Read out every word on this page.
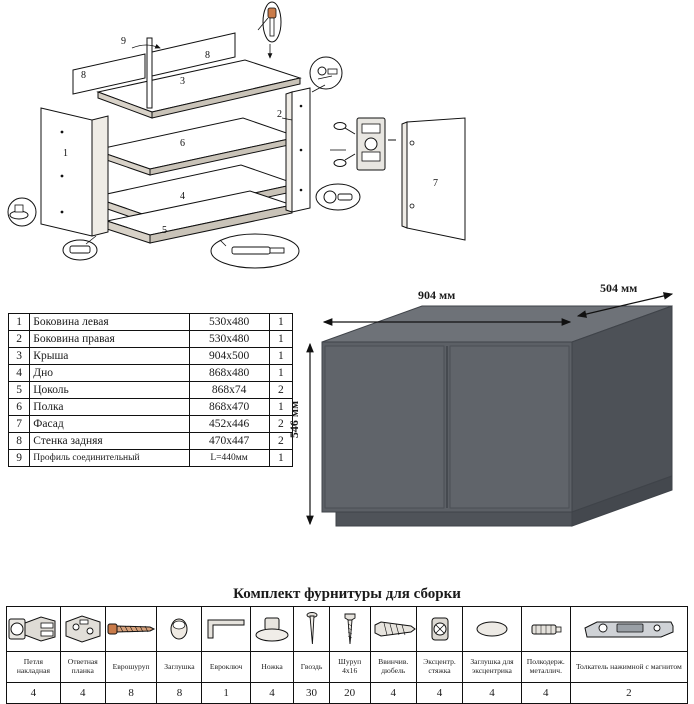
9
8
8
3
2
1
6
4
5
7
1	Боковина левая	530х480	1
2	Боковина правая	530х480	1
3	Крыша	904х500	1
4	Дно	868х480	1
5	Цоколь	868х74	2
6	Полка	868х470	1
7	Фасад	452х446	2
8	Стенка задняя	470х447	2
9	Профиль соединительный	L=440мм	1
904 мм	504 мм
546 мм
Комплект фурнитуры для сборки

Петля накладная	Ответная планка	Еврошуруп	Заглушка	Евроключ	Ножка	Гвоздь	Шуруп 4х16	Ввинчив. дюбель	Эксцентр. стяжка	Заглушка для эксцентрика	Полкодерж. металлич.	Толкатель нажимной с магнитом
4	4	8	8	1	4	30	20	4	4	4	4	2
